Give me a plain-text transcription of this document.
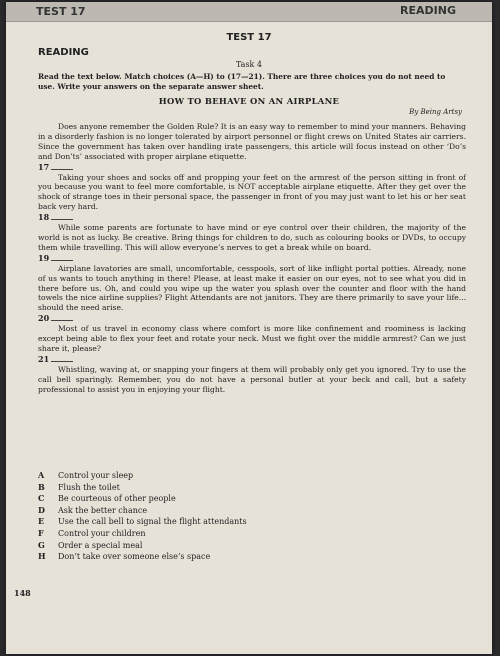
TEST 17	READING
TEST 17
READING
Task 4
Read the text below. Match choices (A—H) to (17—21). There are three choices you do not need to use. Write your answers on the separate answer sheet.
HOW TO BEHAVE ON AN AIRPLANE
By Being Artsy

Does anyone remember the Golden Rule? It is an easy way to remember to mind your manners. Behaving in a disorderly fashion is no longer tolerated by airport personnel or flight crews on United States air carriers. Since the government has taken over handling irate passengers, this article will focus instead on other ‘Do’s and Don’ts’ associated with proper airplane etiquette.

17

Taking your shoes and socks off and propping your feet on the armrest of the person sitting in front of you because you want to feel more comfortable, is NOT acceptable airplane etiquette. After they get over the shock of strange toes in their personal space, the passenger in front of you may just want to let his or her seat back very hard.

18

While some parents are fortunate to have mind or eye control over their children, the majority of the world is not as lucky. Be creative. Bring things for children to do, such as colouring books or DVDs, to occupy them while travelling. This will allow everyone’s nerves to get a break while on board.

19

Airplane lavatories are small, uncomfortable, cesspools, sort of like inflight portal potties. Already, none of us wants to touch anything in there! Please, at least make it easier on our eyes, not to see what you did in there before us. Oh, and could you wipe up the water you splash over the counter and floor with the hand towels the nice airline supplies? Flight Attendants are not janitors. They are there primarily to save your life... should the need arise.

20

Most of us travel in economy class where comfort is more like confinement and roominess is lacking except being able to flex your feet and rotate your neck. Must we fight over the middle armrest? Can we just share it, please?

21

Whistling, waving at, or snapping your fingers at them will probably only get you ignored. Try to use the call bell sparingly. Remember, you do not have a personal butler at your beck and call, but a safety professional to assist you in enjoying your flight.

A	Control your sleep
B	Flush the toilet
C	Be courteous of other people
D	Ask the better chance
E	Use the call bell to signal the flight attendants
F	Control your children
G	Order a special meal
H	Don’t take over someone else’s space
148
